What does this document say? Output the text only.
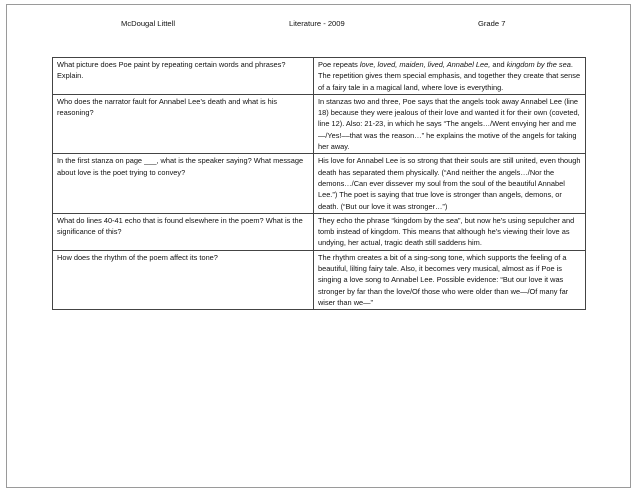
McDougal Littell	Literature - 2009	Grade 7
What picture does Poe paint by repeating certain words and phrases? Explain.	Poe repeats love, loved, maiden, lived, Annabel Lee, and kingdom by the sea. The repetition gives them special emphasis, and together they create that sense of a fairy tale in a magical land, where love is everything.
Who does the narrator fault for Annabel Lee’s death and what is his reasoning?	In stanzas two and three, Poe says that the angels took away Annabel Lee (line 18) because they were jealous of their love and wanted it for their own (coveted, line 12). Also: 21-23, in which he says “The angels…/Went envying her and me—/Yes!––that was the reason…” he explains the motive of the angels for taking her away.
In the first stanza on page ___, what is the speaker saying? What message about love is the poet trying to convey?	His love for Annabel Lee is so strong that their souls are still united, even though death has separated them physically. (“And neither the angels…/Nor the demons…/Can ever dissever my soul from the soul of the beautiful Annabel Lee.”) The poet is saying that true love is stronger than angels, demons, or death. (“But our love it was stronger…”)
What do lines 40-41 echo that is found elsewhere in the poem? What is the significance of this?	They echo the phrase “kingdom by the sea”, but now he’s using sepulcher and tomb instead of kingdom. This means that although he’s viewing their love as undying, her actual, tragic death still saddens him.
How does the rhythm of the poem affect its tone?	The rhythm creates a bit of a sing-song tone, which supports the feeling of a beautiful, lilting fairy tale. Also, it becomes very musical, almost as if Poe is singing a love song to Annabel Lee. Possible evidence: “But our love it was stronger by far than the love/Of those who were older than we—/Of many far wiser than we—”
